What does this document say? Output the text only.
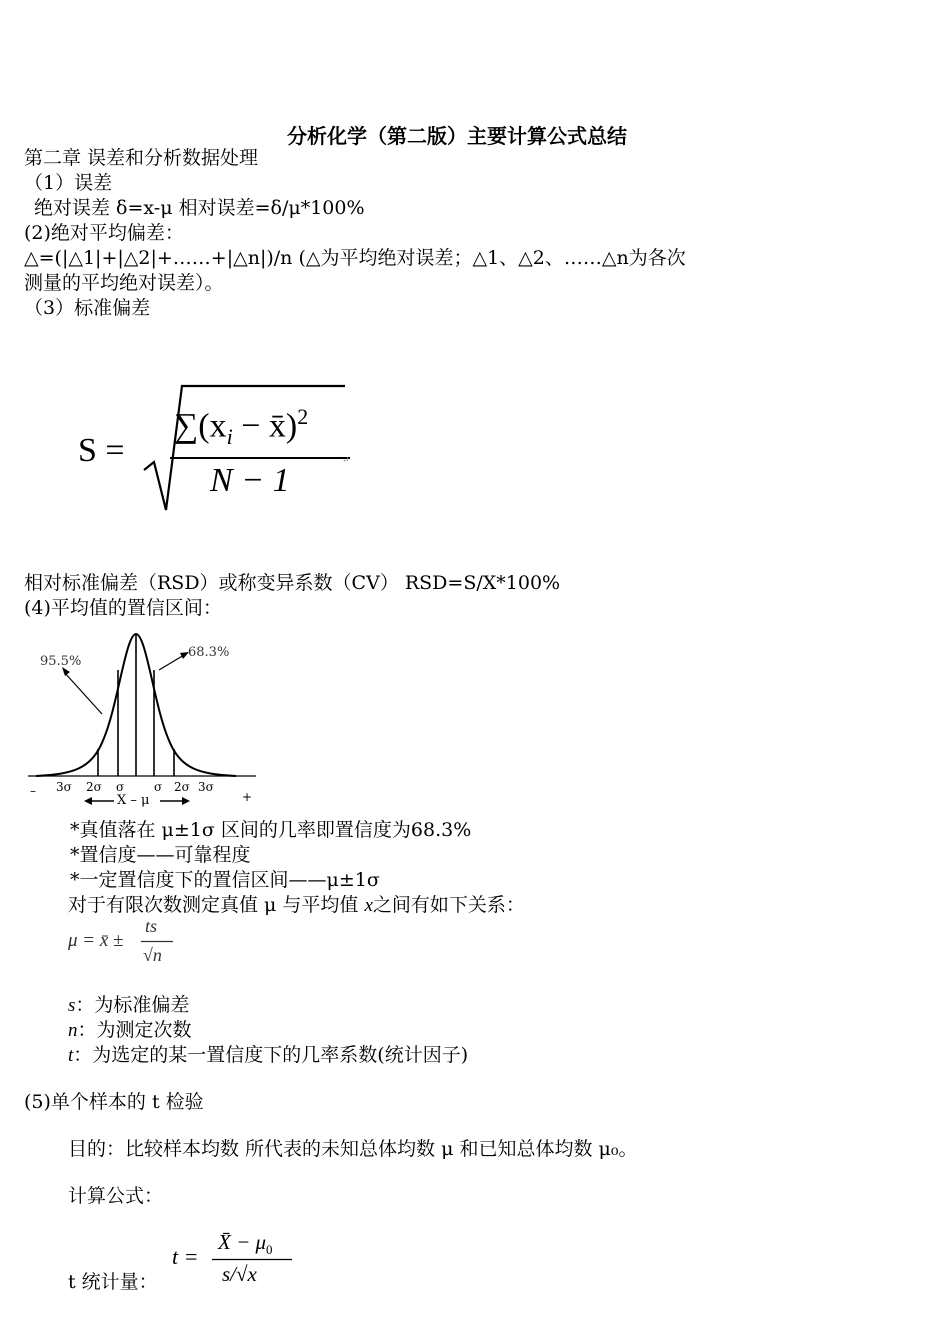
分析化学（第二版）主要计算公式总结
第二章 误差和分析数据处理
（1）误差
绝对误差 δ=x-μ 相对误差=δ/μ*100%
(2)绝对平均偏差：
△=(|△1|+|△2|+……+|△n|)/n (△为平均绝对误差；△1、△2、……△n为各次
测量的平均绝对误差）。
（3）标准偏差
S =
$\sum(x_i$ − x̄)$^2$
N − 1
↵
相对标准偏差（RSD）或称变异系数（CV） RSD=S/X*100%
(4)平均值的置信区间：
95.5%
68.3%
–	+
3σ 2σ σ σ 2σ 3σ
X – μ
*真值落在 μ±1σ 区间的几率即置信度为68.3%
*置信度——可靠程度
*一定置信度下的置信区间——μ±1σ
对于有限次数测定真值 μ 与平均值 x之间有如下关系：
μ = x̄ ±
ts
√n
s：为标准偏差
n：为测定次数
t：为选定的某一置信度下的几率系数(统计因子)
(5)单个样本的 t 检验
目的：比较样本均数 所代表的未知总体均数 μ 和已知总体均数 μ₀。
计算公式：
t 统计量：
t =
X̄ − $\mu_0$
s/√x
